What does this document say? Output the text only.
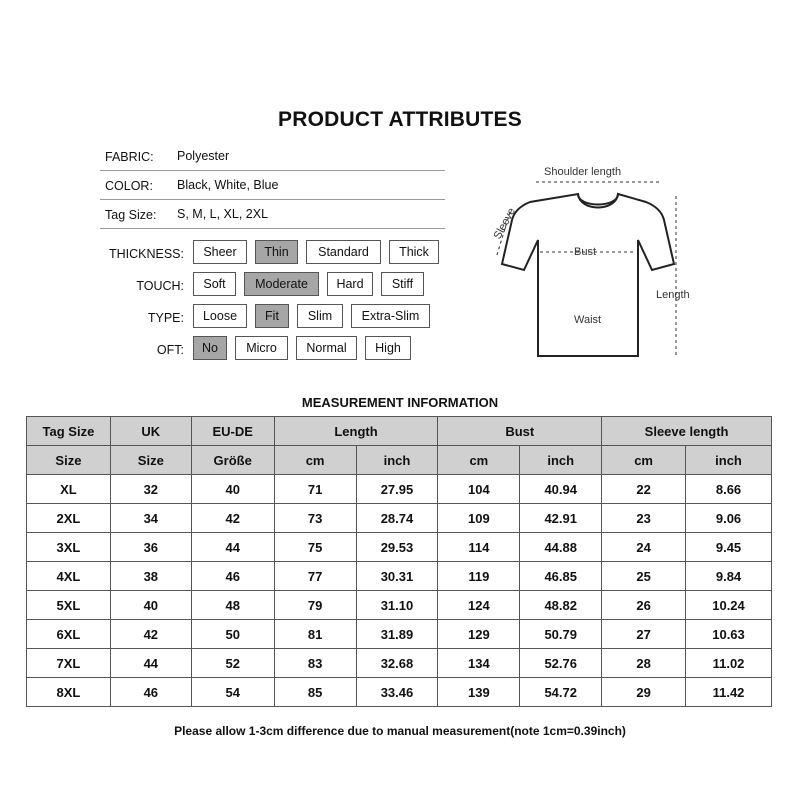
PRODUCT ATTRIBUTES
FABRIC: Polyester
COLOR: Black, White, Blue
Tag Size: S, M, L, XL, 2XL
THICKNESS:	Sheer	Thin	Standard	Thick
TOUCH:	Soft	Moderate	Hard	Stiff
TYPE:	Loose	Fit	Slim	Extra-Slim
OFT:	No	Micro	Normal	High
Shoulder length
Sleeve
Bust
Waist
Length
MEASUREMENT INFORMATION
Tag Size	UK	EU-DE	Length		Bust		Sleeve length	
Size	Size	Größe	cm	inch	cm	inch	cm	inch
XL	32	40	71	27.95	104	40.94	22	8.66
2XL	34	42	73	28.74	109	42.91	23	9.06
3XL	36	44	75	29.53	114	44.88	24	9.45
4XL	38	46	77	30.31	119	46.85	25	9.84
5XL	40	48	79	31.10	124	48.82	26	10.24
6XL	42	50	81	31.89	129	50.79	27	10.63
7XL	44	52	83	32.68	134	52.76	28	11.02
8XL	46	54	85	33.46	139	54.72	29	11.42
Please allow 1-3cm difference due to manual measurement(note 1cm=0.39inch)
